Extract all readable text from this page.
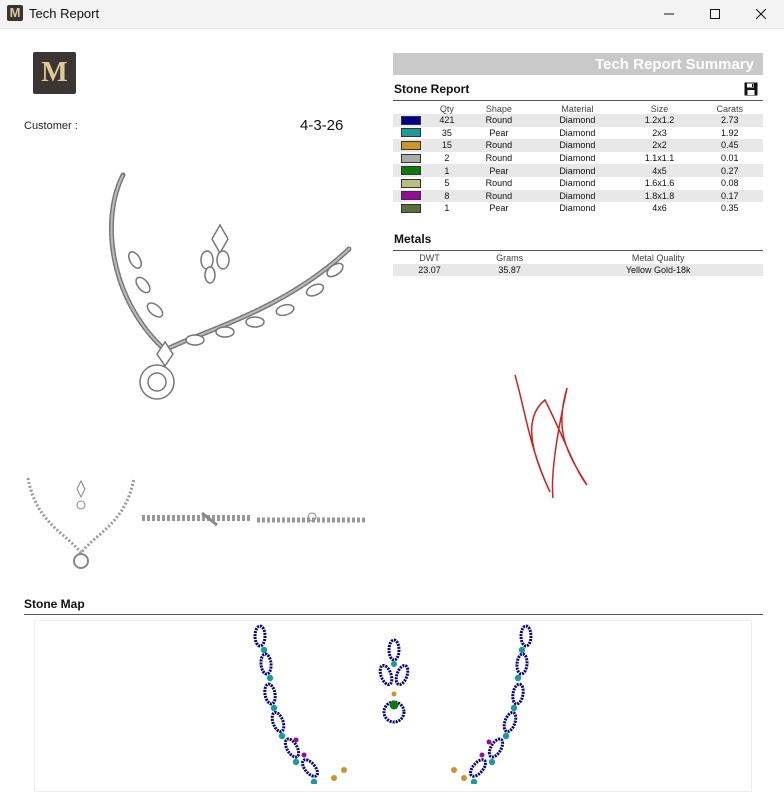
M Tech Report
M
Customer :	4-3-26
Tech Report Summary
Stone Report
	Qty	Shape	Material	Size	Carats

	421	Round	Diamond	1.2x1.2	2.73

	35	Pear	Diamond	2x3	1.92

	15	Round	Diamond	2x2	0.45

	2	Round	Diamond	1.1x1.1	0.01

	1	Pear	Diamond	4x5	0.27

	5	Round	Diamond	1.6x1.6	0.08

	8	Round	Diamond	1.8x1.8	0.17

	1	Pear	Diamond	4x6	0.35
Metals
DWT	Grams	Metal Quality
23.07	35.87	Yellow Gold-18k
Stone Map
